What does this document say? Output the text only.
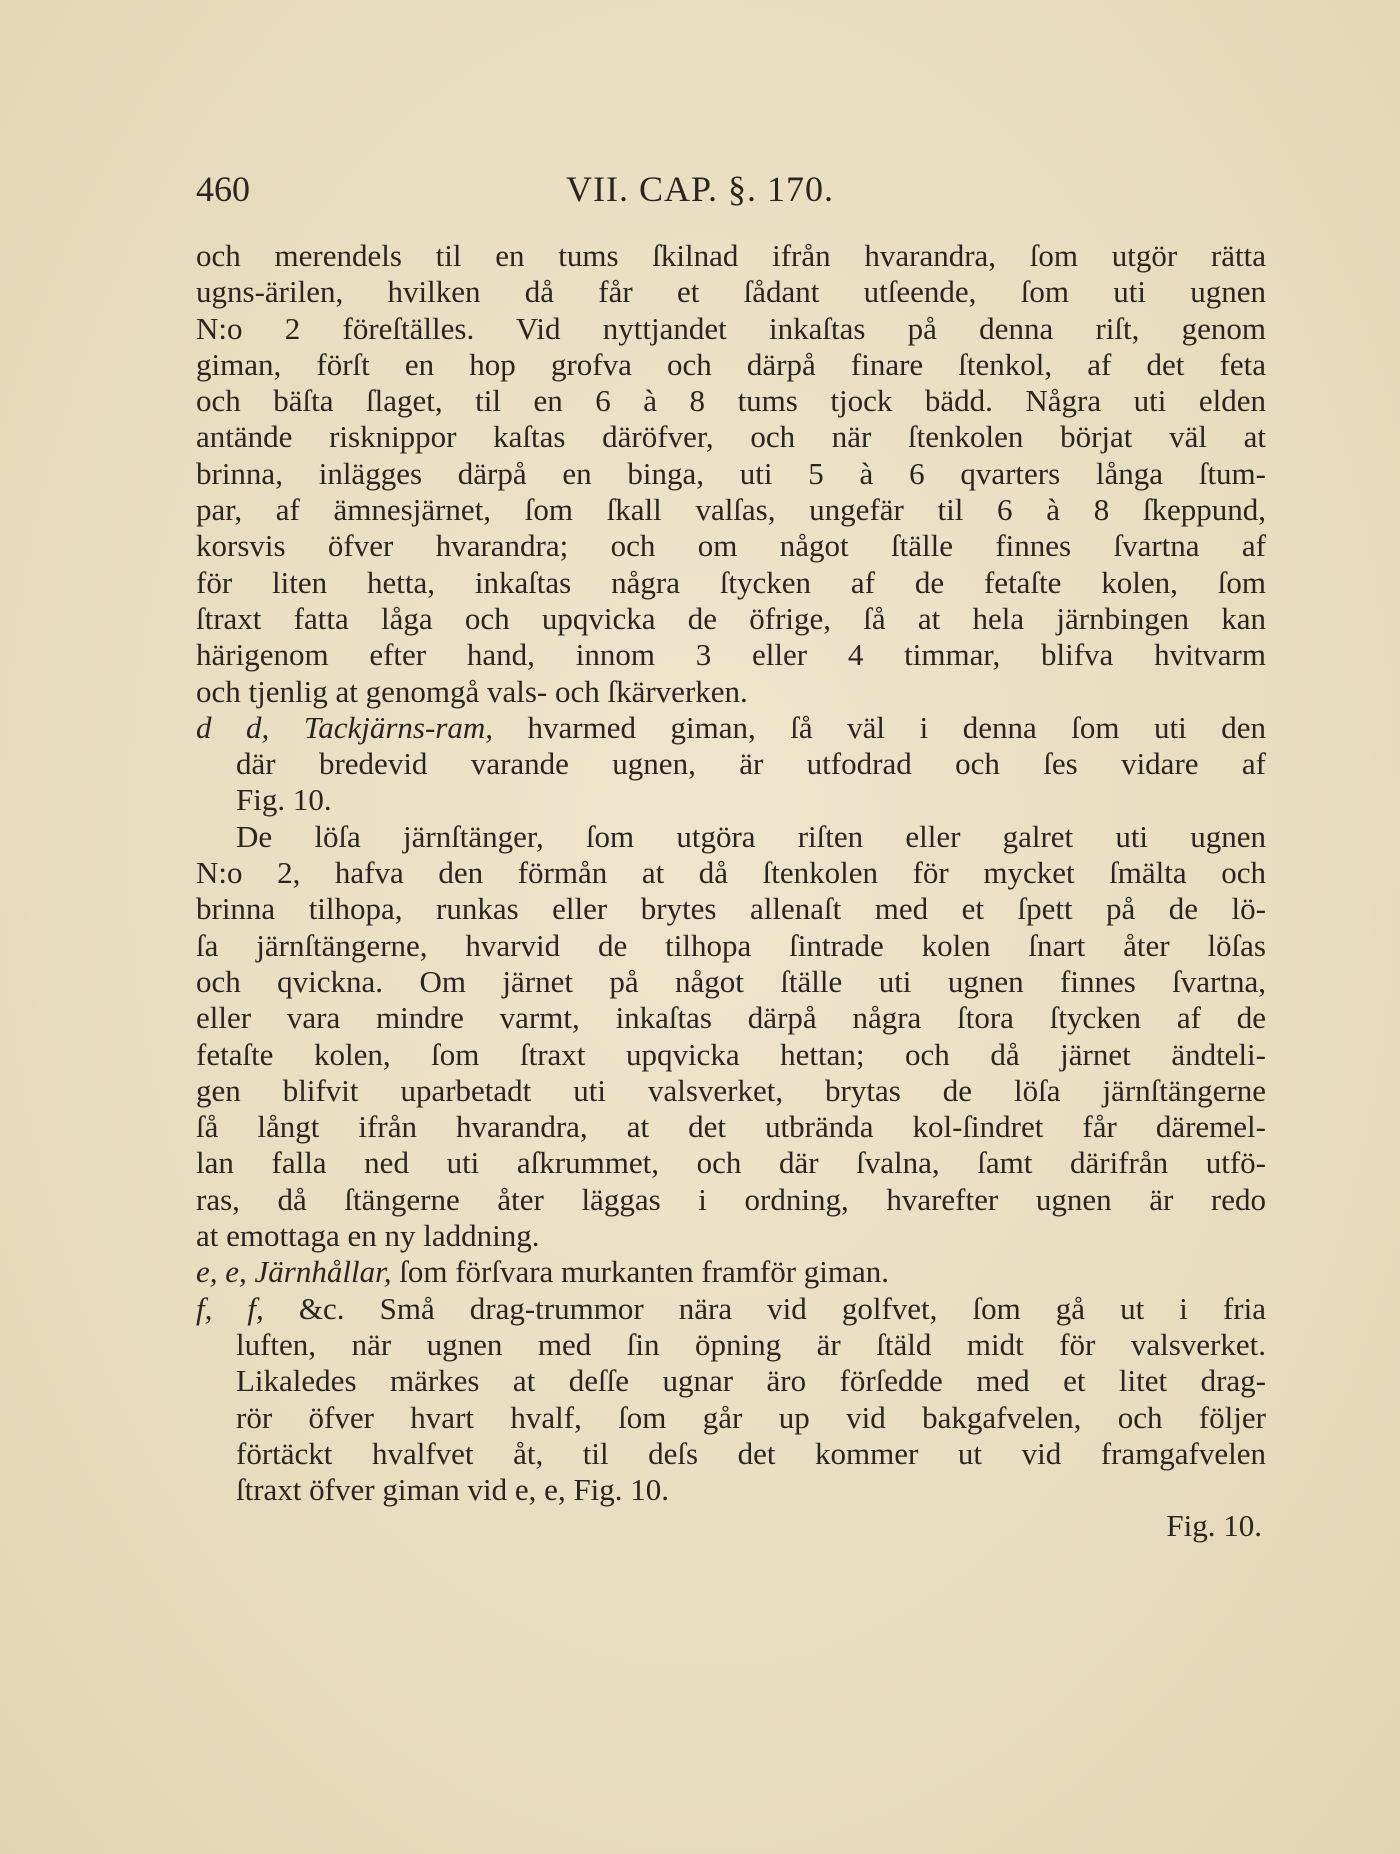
460	VII. CAP. §. 170.
och merendels til en tums ſkilnad ifrån hvarandra, ſom utgör rätta
ugns-ärilen, hvilken då får et ſådant utſeende, ſom uti ugnen
N:o 2 föreſtälles. Vid nyttjandet inkaſtas på denna riſt, genom
giman, förſt en hop grofva och därpå finare ſtenkol, af det feta
och bäſta ſlaget, til en 6 à 8 tums tjock bädd. Några uti elden
antände risknippor kaſtas däröfver, och när ſtenkolen börjat väl at
brinna, inlägges därpå en binga, uti 5 à 6 qvarters långa ſtum-
par, af ämnesjärnet, ſom ſkall valſas, ungefär til 6 à 8 ſkeppund,
korsvis öfver hvarandra; och om något ſtälle finnes ſvartna af
för liten hetta, inkaſtas några ſtycken af de fetaſte kolen, ſom
ſtraxt fatta låga och upqvicka de öfrige, ſå at hela järnbingen kan
härigenom efter hand, innom 3 eller 4 timmar, blifva hvitvarm
och tjenlig at genomgå vals- och ſkärverken.
d d, Tackjärns-ram, hvarmed giman, ſå väl i denna ſom uti den
där bredevid varande ugnen, är utfodrad och ſes vidare af
Fig. 10.
De löſa järnſtänger, ſom utgöra riſten eller galret uti ugnen
N:o 2, hafva den förmån at då ſtenkolen för mycket ſmälta och
brinna tilhopa, runkas eller brytes allenaſt med et ſpett på de lö-
ſa järnſtängerne, hvarvid de tilhopa ſintrade kolen ſnart åter löſas
och qvickna. Om järnet på något ſtälle uti ugnen finnes ſvartna,
eller vara mindre varmt, inkaſtas därpå några ſtora ſtycken af de
fetaſte kolen, ſom ſtraxt upqvicka hettan; och då järnet ändteli-
gen blifvit uparbetadt uti valsverket, brytas de löſa järnſtängerne
ſå långt ifrån hvarandra, at det utbrända kol-ſindret får däremel-
lan falla ned uti aſkrummet, och där ſvalna, ſamt därifrån utfö-
ras, då ſtängerne åter läggas i ordning, hvarefter ugnen är redo
at emottaga en ny laddning.
e, e, Järnhållar, ſom förſvara murkanten framför giman.
f, f, &c. Små drag-trummor nära vid golfvet, ſom gå ut i fria
luften, när ugnen med ſin öpning är ſtäld midt för valsverket.
Likaledes märkes at deſſe ugnar äro förſedde med et litet drag-
rör öfver hvart hvalf, ſom går up vid bakgafvelen, och följer
förtäckt hvalfvet åt, til deſs det kommer ut vid framgafvelen
ſtraxt öfver giman vid e, e, Fig. 10.
Fig. 10.
